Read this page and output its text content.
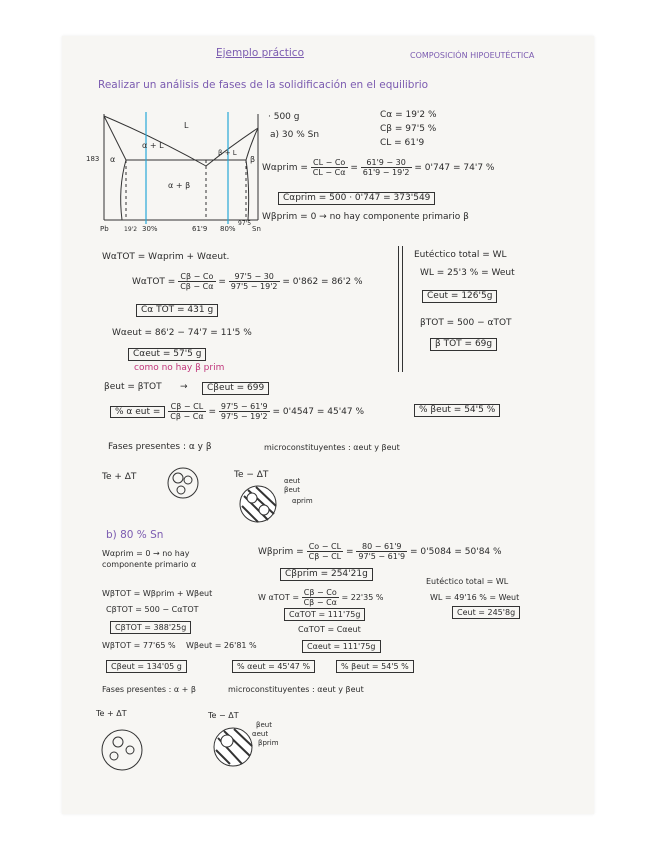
Ejemplo práctico	COMPOSICIÓN HIPOEUTÉCTICA
Realizar un análisis de fases de la solidificación en el equilibrio
183 α
α + L
L
β + L
β
α + β
Pb	19'2 30%	61'9 80%
97'5
Sn
· 500 g
a) 30 % Sn
Cα = 19'2 %
Cβ = 97'5 %
CL = 61'9
Wαprim = $\frac{CL - Co}{CL - C\alpha} = \frac{61'9 - 30}{61'9 - 19'2} = 0'747 = 74'7$ %
Cαprim = 500 · 0'747 = 373'549
Wβprim = 0 → no hay componente primario β
WαTOT = Wαprim + Wαeut.
$W\alpha TOT = \frac{C\beta - Co}{C\beta - C\alpha} = \frac{97'5 - 30}{97'5 - 19'2} = 0'862 = 86'2$ %
Cα TOT = 431 g
Wαeut = 86'2 − 74'7 = 11'5 %
Cαeut = 57'5 g
como no hay β prim
βeut = βTOT →	Cβeut = 699
% α eut = $\frac{C\beta - CL}{C\beta - C\alpha} = \frac{97'5 - 61'9}{97'5 - 19'2} = 0'4547 = 45'47$ %	% βeut = 54'5 %
Eutéctico total = WL
WL = 25'3 % = Weut
Ceut = 126'5g
βTOT = 500 − αTOT
β TOT = 69g
Fases presentes : α y β	microconstituyentes : αeut y βeut
Te + ΔT	Te − ΔT
αeut
βeut
αprim
b) 80 % Sn
Wαprim = 0 → no hay componente primario α
Wβprim = $\frac{Co - CL}{C\beta - CL} = \frac{80 - 61'9}{97'5 - 61'9} = 0'5084 = 50'84$ %
Cβprim = 254'21g
WβTOT = Wβprim + Wβeut
CβTOT = 500 − CαTOT
CβTOT = 388'25g
WβTOT = 77'65 % Wβeut = 26'81 %
Cβeut = 134'05 g
W $\alpha TOT = \frac{C\beta - Co}{C\beta - C\alpha} = 22'35$ %
CαTOT = 111'75g
CαTOT = Cαeut
Cαeut = 111'75g
% αeut = 45'47 %	% βeut = 54'5 %
Eutéctico total = WL
WL = 49'16 % = Weut
Ceut = 245'8g
Fases presentes : α + β	microconstituyentes : αeut y βeut
Te + ΔT	Te − ΔT
βeut
αeut
βprim
